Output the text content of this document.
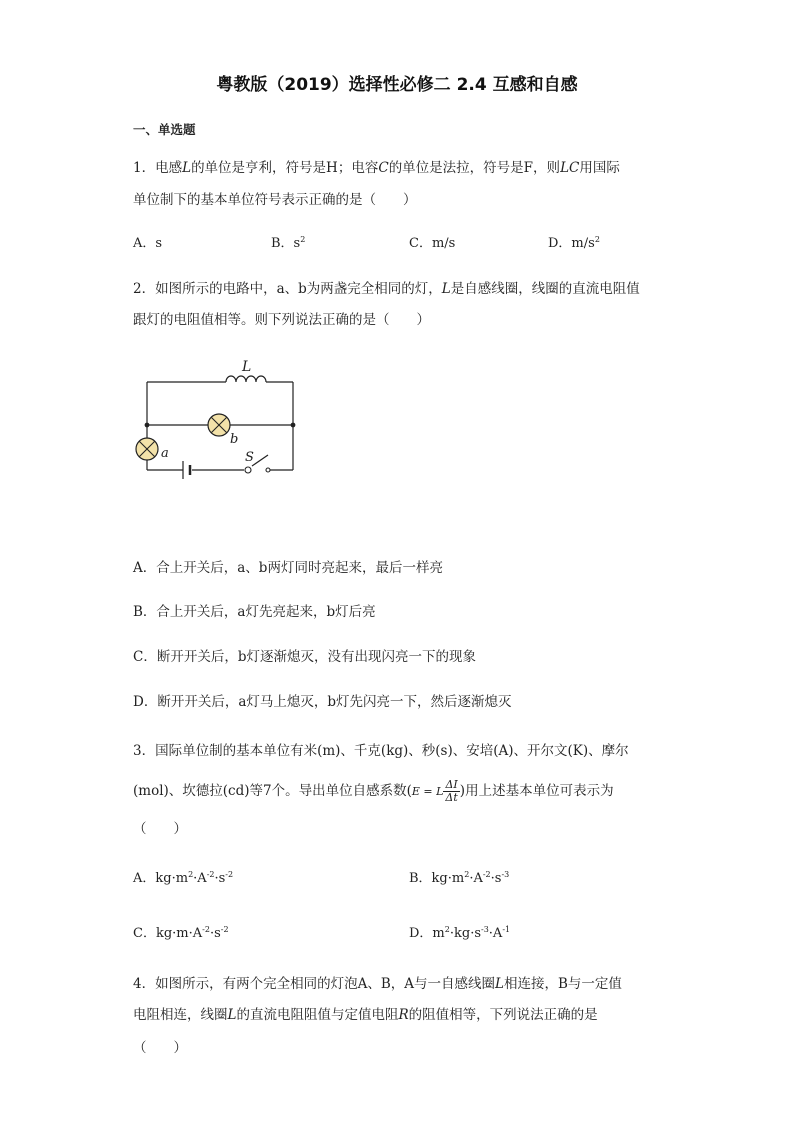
粤教版（2019）选择性必修二 2.4 互感和自感
一、单选题
1．电感L的单位是亨利，符号是H；电容C的单位是法拉，符号是F，则LC用国际
单位制下的基本单位符号表示正确的是（　　）
A．s	B．$s^2$	C．m/s	D．$m/s^2$
2．如图所示的电路中，a、b为两盏完全相同的灯，L是自感线圈，线圈的直流电阻值
跟灯的电阻值相等。则下列说法正确的是（　　）
L
b
a	S
A．合上开关后，a、b两灯同时亮起来，最后一样亮
B．合上开关后，a灯先亮起来，b灯后亮
C．断开开关后，b灯逐渐熄灭，没有出现闪亮一下的现象
D．断开开关后，a灯马上熄灭，b灯先闪亮一下，然后逐渐熄灭
3．国际单位制的基本单位有米(m)、千克(kg)、秒(s)、安培(A)、开尔文(K)、摩尔
(mol)、坎德拉(cd)等7个。导出单位自感系数(E = L $\frac{\Delta I}{\Delta t}$ )用上述基本单位可表示为
（　　）
A．$kg\cdot m^2\cdot A^{-2}\cdot s^{-2}$	B．$kg\cdot m^2\cdot A^{-2}\cdot s^{-3}$
C．$kg\cdot m\cdot A^{-2}\cdot s^{-2}$	D．$m^2\cdot kg\cdot s^{-3}\cdot A^{-1}$
4．如图所示，有两个完全相同的灯泡A、B，A与一自感线圈L相连接，B与一定值
电阻相连，线圈L的直流电阻阻值与定值电阻R的阻值相等，下列说法正确的是
（　　）
